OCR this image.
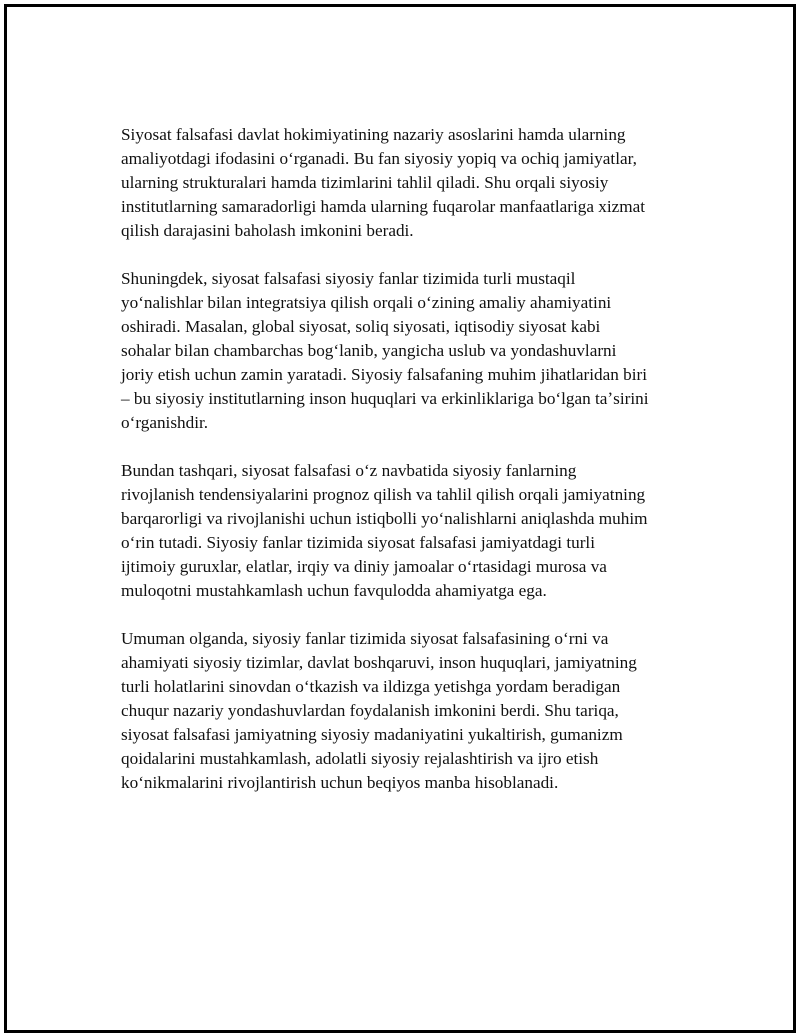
Siyosat falsafasi davlat hokimiyatining nazariy asoslarini hamda ularning
amaliyotdagi ifodasini oʻrganadi. Bu fan siyosiy yopiq va ochiq jamiyatlar,
ularning strukturalari hamda tizimlarini tahlil qiladi. Shu orqali siyosiy
institutlarning samaradorligi hamda ularning fuqarolar manfaatlariga xizmat
qilish darajasini baholash imkonini beradi.

Shuningdek, siyosat falsafasi siyosiy fanlar tizimida turli mustaqil
yoʻnalishlar bilan integratsiya qilish orqali oʻzining amaliy ahamiyatini
oshiradi. Masalan, global siyosat, soliq siyosati, iqtisodiy siyosat kabi
sohalar bilan chambarchas bogʻlanib, yangicha uslub va yondashuvlarni
joriy etish uchun zamin yaratadi. Siyosiy falsafaning muhim jihatlaridan biri
– bu siyosiy institutlarning inson huquqlari va erkinliklariga boʻlgan taʼsirini
oʻrganishdir.

Bundan tashqari, siyosat falsafasi oʻz navbatida siyosiy fanlarning
rivojlanish tendensiyalarini prognoz qilish va tahlil qilish orqali jamiyatning
barqarorligi va rivojlanishi uchun istiqbolli yoʻnalishlarni aniqlashda muhim
oʻrin tutadi. Siyosiy fanlar tizimida siyosat falsafasi jamiyatdagi turli
ijtimoiy guruxlar, elatlar, irqiy va diniy jamoalar oʻrtasidagi murosa va
muloqotni mustahkamlash uchun favqulodda ahamiyatga ega.

Umuman olganda, siyosiy fanlar tizimida siyosat falsafasining oʻrni va
ahamiyati siyosiy tizimlar, davlat boshqaruvi, inson huquqlari, jamiyatning
turli holatlarini sinovdan oʻtkazish va ildizga yetishga yordam beradigan
chuqur nazariy yondashuvlardan foydalanish imkonini berdi. Shu tariqa,
siyosat falsafasi jamiyatning siyosiy madaniyatini yukaltirish, gumanizm
qoidalarini mustahkamlash, adolatli siyosiy rejalashtirish va ijro etish
koʻnikmalarini rivojlantirish uchun beqiyos manba hisoblanadi.
